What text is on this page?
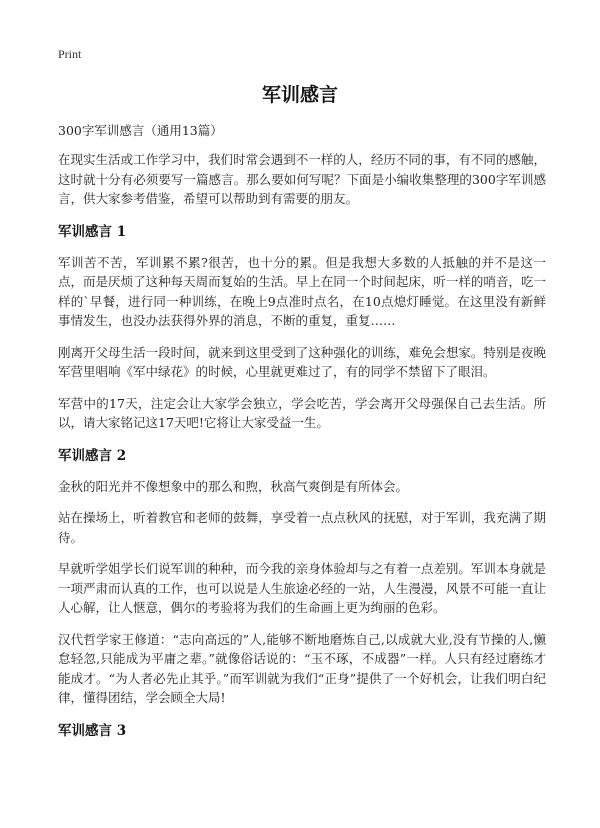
Print
军训感言
300字军训感言（通用13篇）

在现实生活或工作学习中，我们时常会遇到不一样的人，经历不同的事，有不同的感触，这时就十分有必须要写一篇感言。那么要如何写呢？下面是小编收集整理的300字军训感言，供大家参考借鉴，希望可以帮助到有需要的朋友。

军训感言 1

军训苦不苦，军训累不累?很苦，也十分的累。但是我想大多数的人抵触的并不是这一点，而是厌烦了这种每天周而复始的生活。早上在同一个时间起床，听一样的哨音，吃一样的`早餐，进行同一种训练，在晚上9点准时点名，在10点熄灯睡觉。在这里没有新鲜事情发生，也没办法获得外界的消息，不断的重复，重复……

刚离开父母生活一段时间，就来到这里受到了这种强化的训练，难免会想家。特别是夜晚军营里唱响《军中绿花》的时候，心里就更难过了，有的同学不禁留下了眼泪。

军营中的17天，注定会让大家学会独立，学会吃苦，学会离开父母强保自己去生活。所以，请大家铭记这17天吧!它将让大家受益一生。

军训感言 2

金秋的阳光并不像想象中的那么和煦，秋高气爽倒是有所体会。

站在操场上，听着教官和老师的鼓舞，享受着一点点秋风的抚慰，对于军训，我充满了期待。

早就听学姐学长们说军训的种种，而今我的亲身体验却与之有着一点差别。军训本身就是一项严肃而认真的工作，也可以说是人生旅途必经的一站，人生漫漫，风景不可能一直让人心解，让人惬意，偶尔的考验将为我们的生命画上更为绚丽的色彩。

汉代哲学家王修道：“志向高远的”人,能够不断地磨炼自己,以成就大业,没有节操的人,懒怠轻忽,只能成为平庸之辈。”就像俗话说的：“玉不琢，不成器”一样。人只有经过磨练才能成才。“为人者必先止其乎。”而军训就为我们“正身”提供了一个好机会，让我们明白纪律，懂得团结，学会顾全大局!

军训感言 3
